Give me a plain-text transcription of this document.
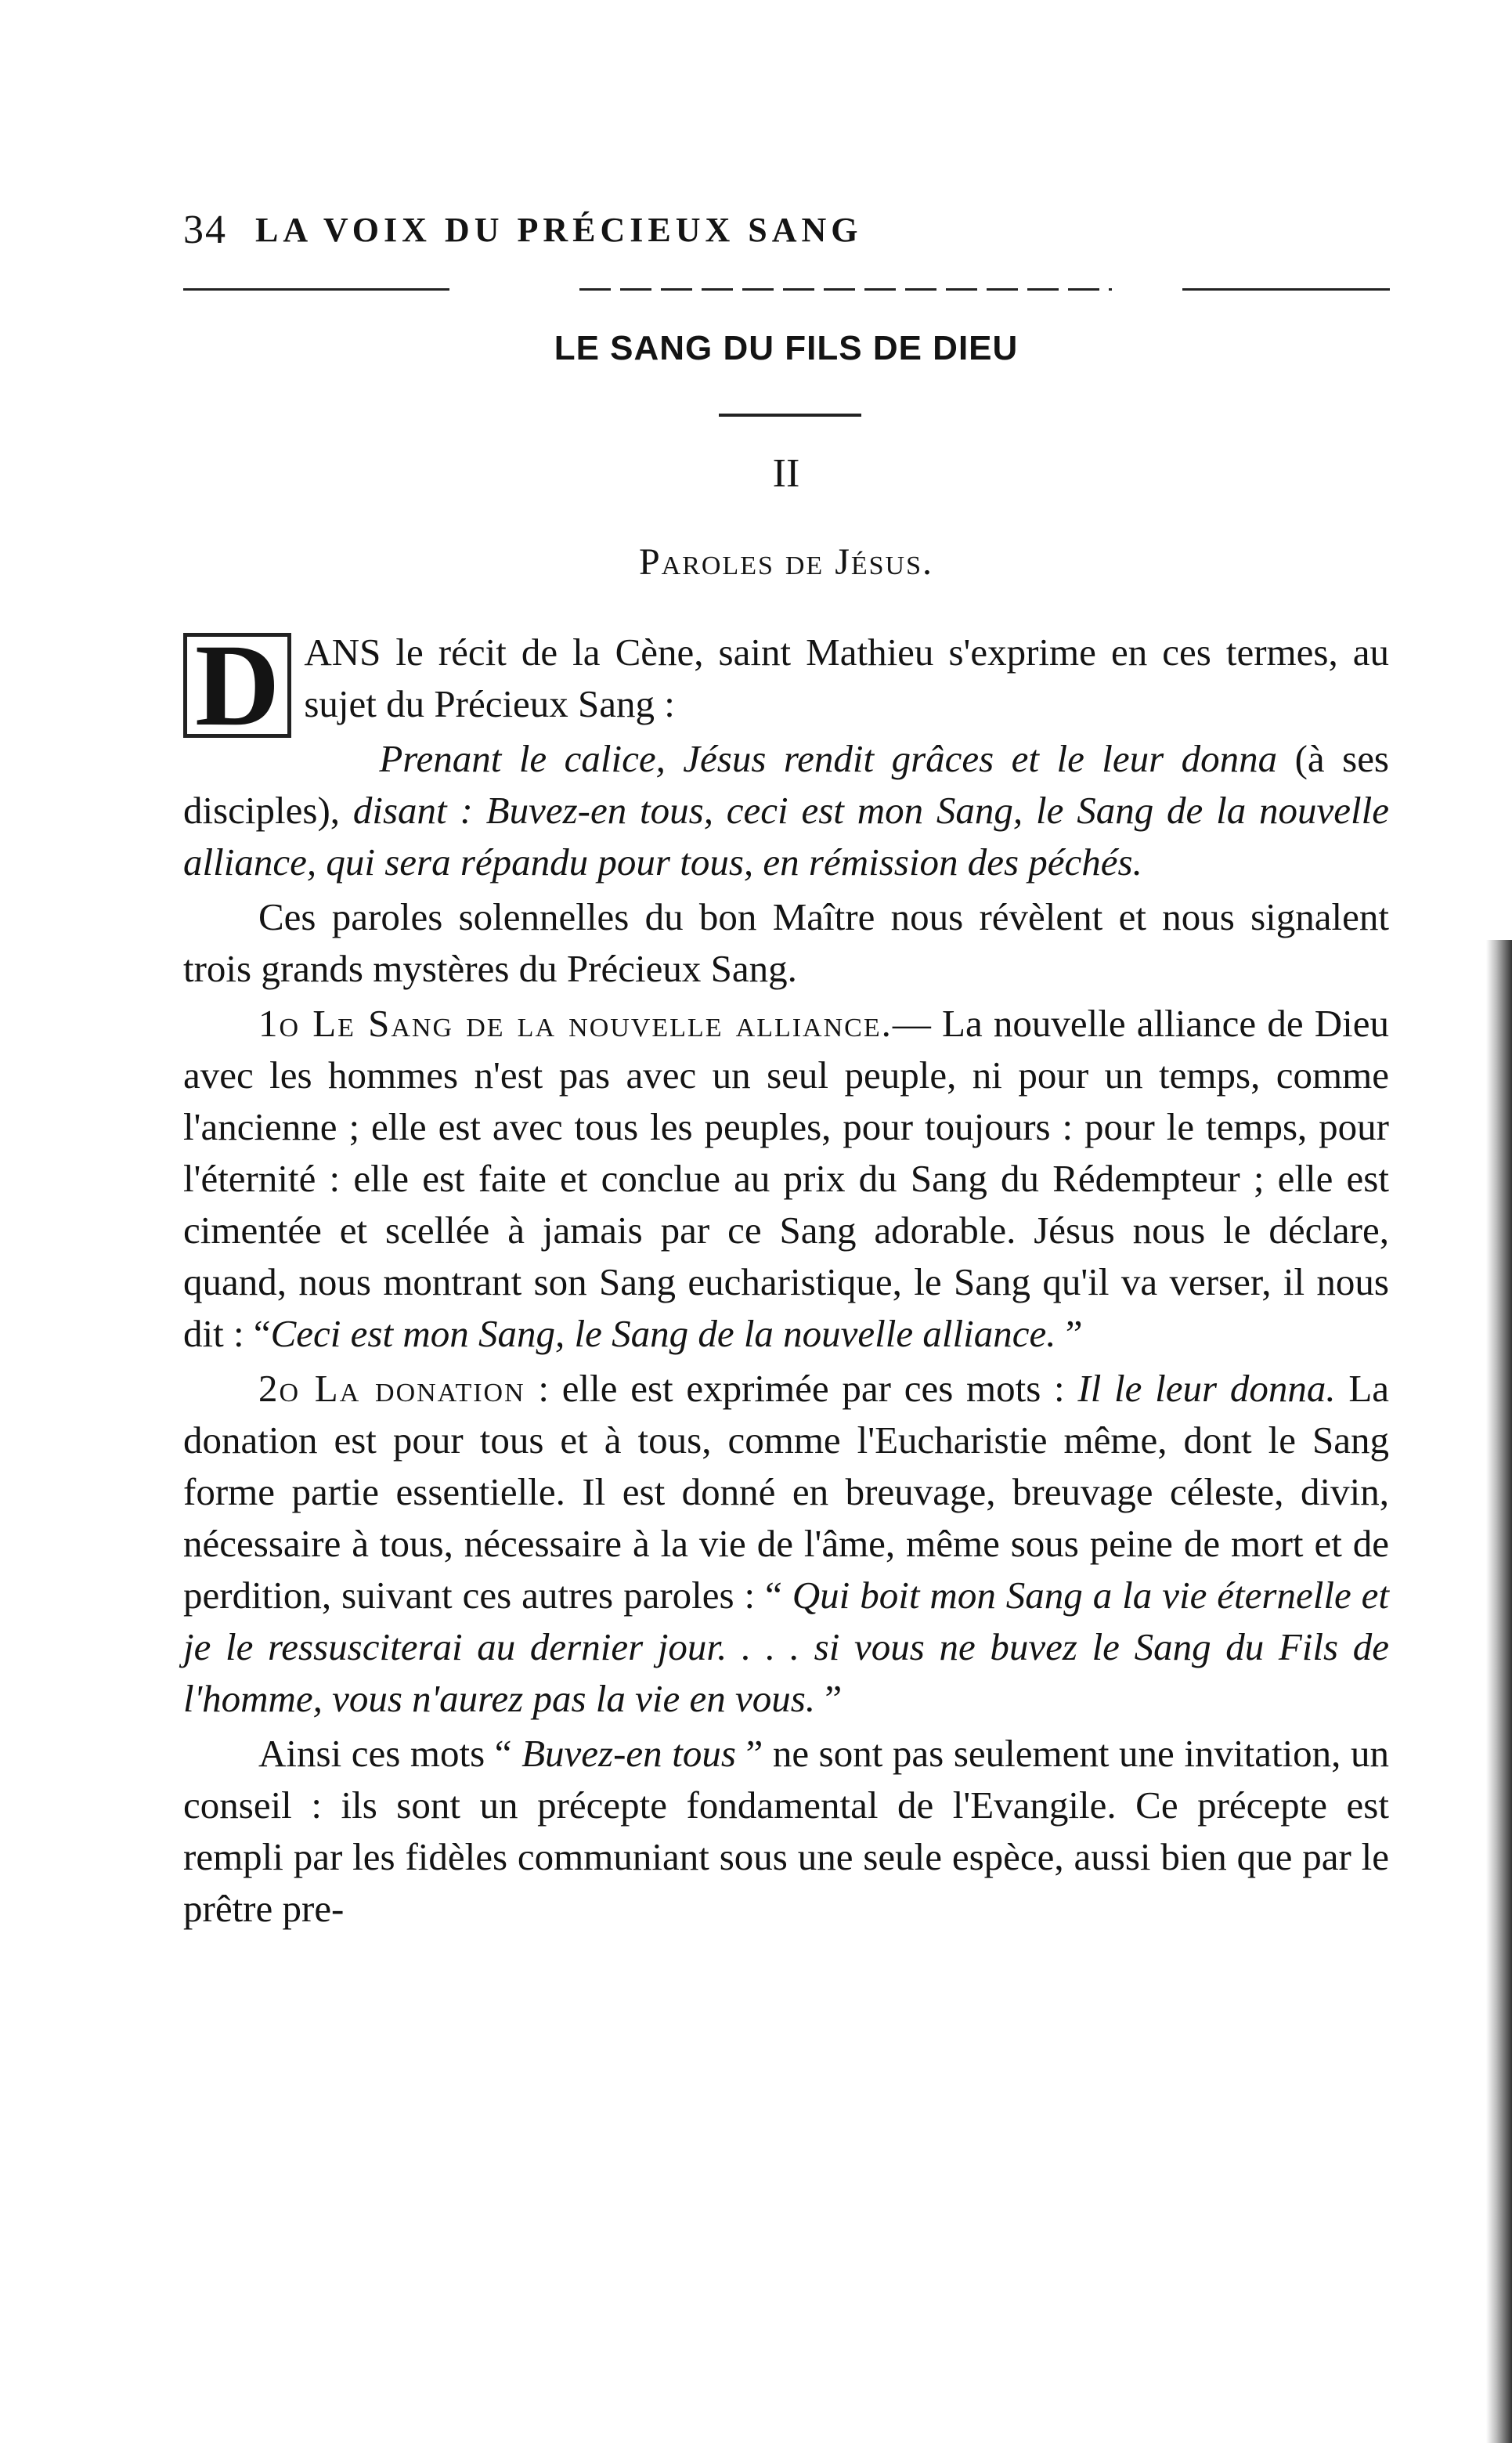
34 LA VOIX DU PRÉCIEUX SANG
LE SANG DU FILS DE DIEU
II
Paroles de Jésus.

D ANS le récit de la Cène, saint Mathieu s'exprime en ces termes, au sujet du Précieux Sang :

Prenant le calice, Jésus rendit grâces et le leur donna (à ses disciples), disant : Buvez-en tous, ceci est mon Sang, le Sang de la nouvelle alliance, qui sera répandu pour tous, en rémission des péchés.

Ces paroles solennelles du bon Maître nous révèlent et nous signalent trois grands mystères du Précieux Sang.

1o Le Sang de la nouvelle alliance.— La nouvelle alliance de Dieu avec les hommes n'est pas avec un seul peuple, ni pour un temps, comme l'ancienne ; elle est avec tous les peuples, pour toujours : pour le temps, pour l'éternité : elle est faite et conclue au prix du Sang du Rédempteur ; elle est cimentée et scellée à jamais par ce Sang adorable. Jésus nous le déclare, quand, nous montrant son Sang eucharistique, le Sang qu'il va verser, il nous dit : “Ceci est mon Sang, le Sang de la nouvelle alliance. ”

2o La donation : elle est exprimée par ces mots : Il le leur donna. La donation est pour tous et à tous, comme l'Eucharistie même, dont le Sang forme partie essentielle. Il est donné en breuvage, breuvage céleste, divin, nécessaire à tous, nécessaire à la vie de l'âme, même sous peine de mort et de perdition, suivant ces autres paroles : “ Qui boit mon Sang a la vie éternelle et je le ressusciterai au dernier jour. . . . si vous ne buvez le Sang du Fils de l'homme, vous n'aurez pas la vie en vous. ”

Ainsi ces mots “ Buvez-en tous ” ne sont pas seulement une invitation, un conseil : ils sont un précepte fondamental de l'Evangile. Ce précepte est rempli par les fidèles communiant sous une seule espèce, aussi bien que par le prêtre pre-
